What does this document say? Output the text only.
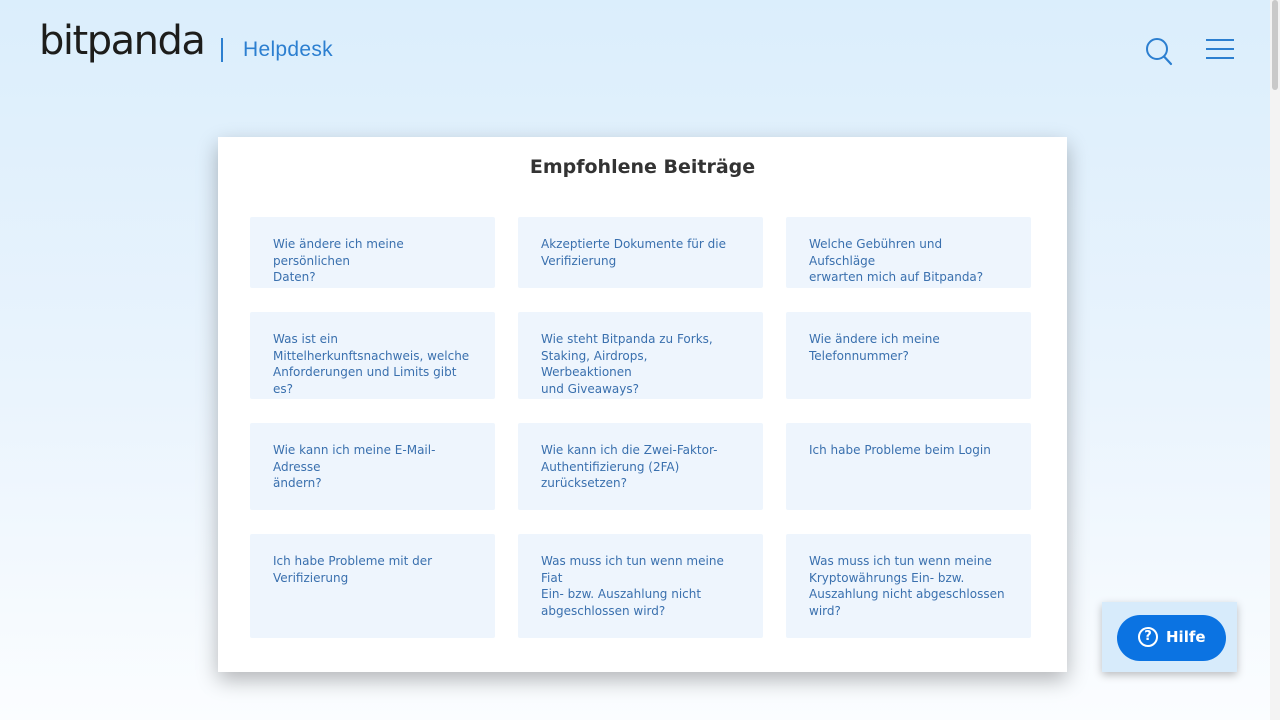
bitpanda Helpdesk
Empfohlene Beiträge
Wie ändere ich meine persönlichen
Daten?
Akzeptierte Dokumente für die
Verifizierung
Welche Gebühren und Aufschläge
erwarten mich auf Bitpanda?
Was ist ein
Mittelherkunftsnachweis, welche
Anforderungen und Limits gibt es?
Wie steht Bitpanda zu Forks,
Staking, Airdrops, Werbeaktionen
und Giveaways?
Wie ändere ich meine
Telefonnummer?
Wie kann ich meine E-Mail-Adresse
ändern?
Wie kann ich die Zwei-Faktor-
Authentifizierung (2FA)
zurücksetzen?
Ich habe Probleme beim Login
Ich habe Probleme mit der
Verifizierung
Was muss ich tun wenn meine Fiat
Ein- bzw. Auszahlung nicht
abgeschlossen wird?
Was muss ich tun wenn meine
Kryptowährungs Ein- bzw.
Auszahlung nicht abgeschlossen
wird?
? Hilfe
